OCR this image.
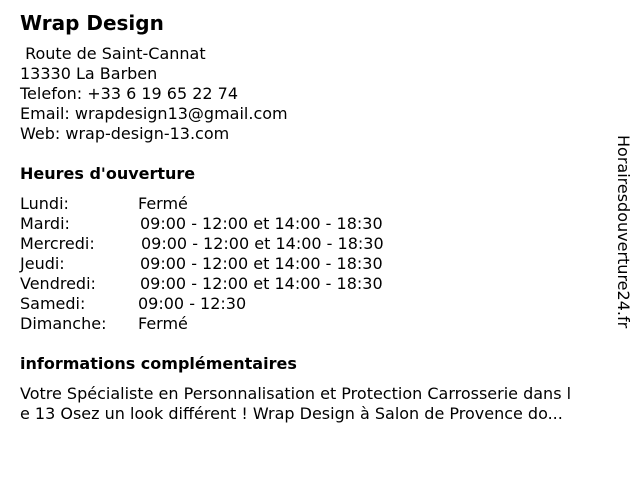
Wrap Design
Route de Saint-Cannat
13330 La Barben
Telefon: +33 6 19 65 22 74
Email: wrapdesign13@gmail.com
Web: wrap-design-13.com
Heures d'ouverture
Lundi:	Fermé
Mardi:	09:00 - 12:00 et 14:00 - 18:30
Mercredi:	09:00 - 12:00 et 14:00 - 18:30
Jeudi:	09:00 - 12:00 et 14:00 - 18:30
Vendredi:	09:00 - 12:00 et 14:00 - 18:30
Samedi:	09:00 - 12:30
Dimanche: Fermé
informations complémentaires
Votre Spécialiste en Personnalisation et Protection Carrosserie dans l
e 13 Osez un look différent ! Wrap Design à Salon de Provence do...
Horairesdouverture24.fr
